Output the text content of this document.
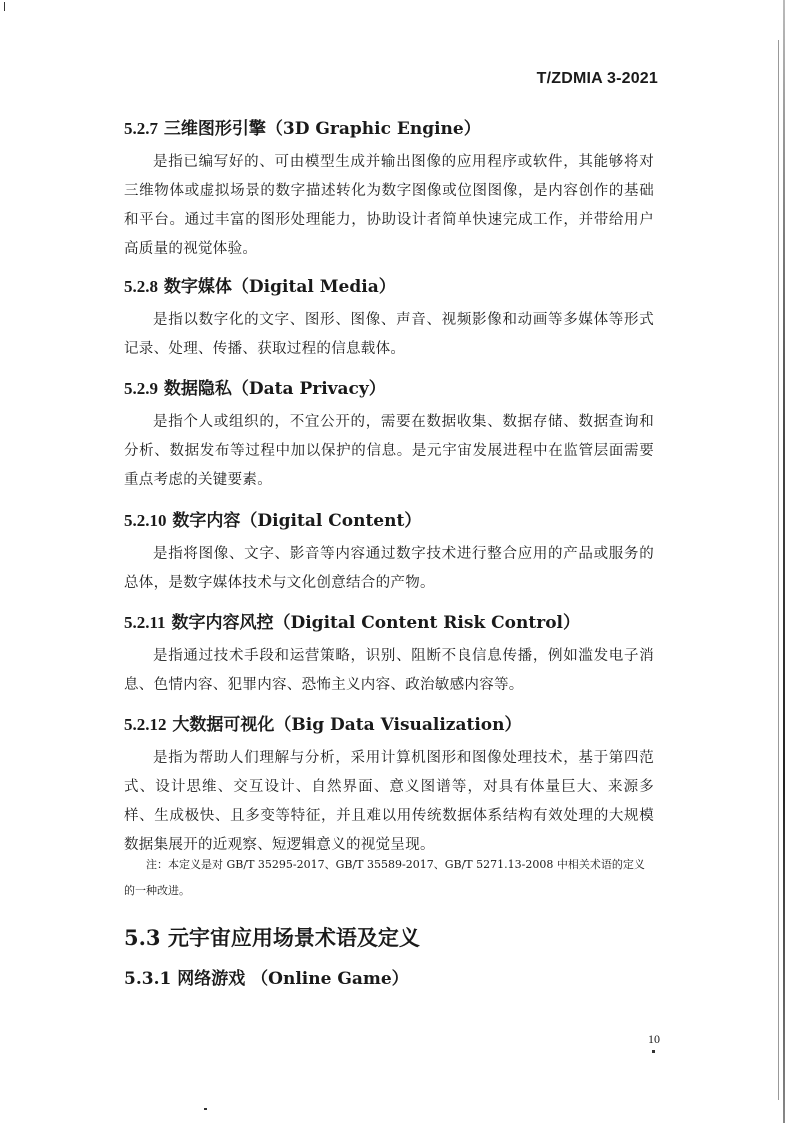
T/ZDMIA 3-2021
5.2.7 三维图形引擎（3D Graphic Engine）

是指已编写好的、可由模型生成并输出图像的应用程序或软件，其能够将对三维物体或虚拟场景的数字描述转化为数字图像或位图图像，是内容创作的基础和平台。通过丰富的图形处理能力，协助设计者简单快速完成工作，并带给用户高质量的视觉体验。

5.2.8 数字媒体（Digital Media）

是指以数字化的文字、图形、图像、声音、视频影像和动画等多媒体等形式记录、处理、传播、获取过程的信息载体。

5.2.9 数据隐私（Data Privacy）

是指个人或组织的，不宜公开的，需要在数据收集、数据存储、数据查询和分析、数据发布等过程中加以保护的信息。是元宇宙发展进程中在监管层面需要重点考虑的关键要素。

5.2.10 数字内容（Digital Content）

是指将图像、文字、影音等内容通过数字技术进行整合应用的产品或服务的总体，是数字媒体技术与文化创意结合的产物。

5.2.11 数字内容风控（Digital Content Risk Control）

是指通过技术手段和运营策略，识别、阻断不良信息传播，例如滥发电子消息、色情内容、犯罪内容、恐怖主义内容、政治敏感内容等。

5.2.12 大数据可视化（Big Data Visualization）

是指为帮助人们理解与分析，采用计算机图形和图像处理技术，基于第四范式、设计思维、交互设计、自然界面、意义图谱等，对具有体量巨大、来源多样、生成极快、且多变等特征，并且难以用传统数据体系结构有效处理的大规模数据集展开的近观察、短逻辑意义的视觉呈现。

注：本定义是对 GB/T 35295-2017、GB/T 35589-2017、GB/T 5271.13-2008 中相关术语的定义的一种改进。
5.3 元宇宙应用场景术语及定义
5.3.1 网络游戏 （Online Game）
10
